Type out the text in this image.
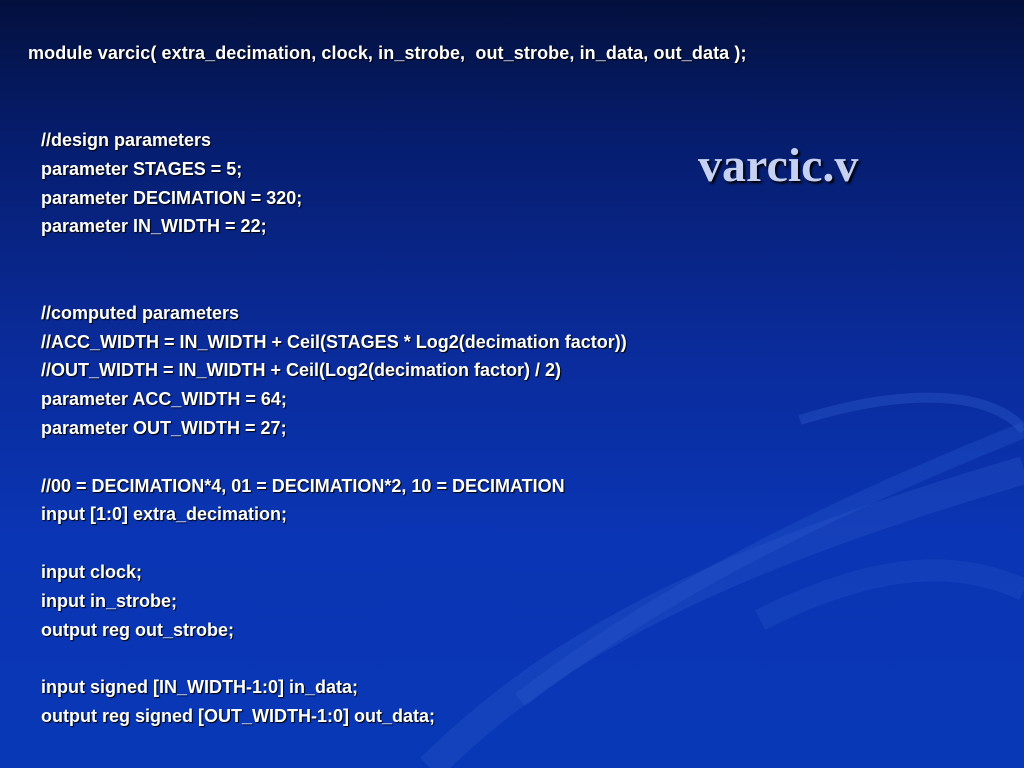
module varcic( extra_decimation, clock, in_strobe,  out_strobe, in_data, out_data );
varcic.v
//design parameters
parameter STAGES = 5;
parameter DECIMATION = 320;
parameter IN_WIDTH = 22;
//computed parameters
//ACC_WIDTH = IN_WIDTH + Ceil(STAGES * Log2(decimation factor))
//OUT_WIDTH = IN_WIDTH + Ceil(Log2(decimation factor) / 2)
parameter ACC_WIDTH = 64;
parameter OUT_WIDTH = 27;
//00 = DECIMATION*4, 01 = DECIMATION*2, 10 = DECIMATION
input [1:0] extra_decimation;
input clock;
input in_strobe;
output reg out_strobe;
input signed [IN_WIDTH-1:0] in_data;
output reg signed [OUT_WIDTH-1:0] out_data;
